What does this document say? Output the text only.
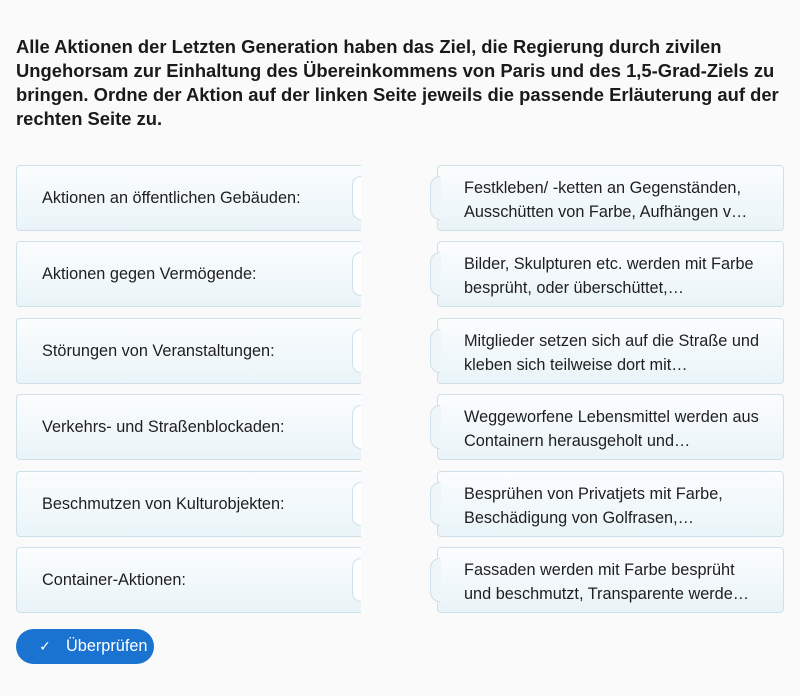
Alle Aktionen der Letzten Generation haben das Ziel, die Regierung durch zivilen Ungehorsam zur Einhaltung des Übereinkommens von Paris und des 1,5-Grad-Ziels zu bringen. Ordne der Aktion auf der linken Seite jeweils die passende Erläuterung auf der rechten Seite zu.

Aktionen an öffentlichen Gebäuden:
Aktionen gegen Vermögende:
Störungen von Veranstaltungen:
Verkehrs- und Straßenblockaden:
Beschmutzen von Kulturobjekten:
Container-Aktionen:
Festkleben/ -ketten an Gegenständen, Ausschütten von Farbe, Aufhängen v…
Bilder, Skulpturen etc. werden mit Farbe besprüht, oder überschüttet,…
Mitglieder setzen sich auf die Straße und kleben sich teilweise dort mit…
Weggeworfene Lebensmittel werden aus Containern herausgeholt und…
Besprühen von Privatjets mit Farbe, Beschädigung von Golfrasen,…
Fassaden werden mit Farbe besprüht und beschmutzt, Transparente werde…
✓ Überprüfen
